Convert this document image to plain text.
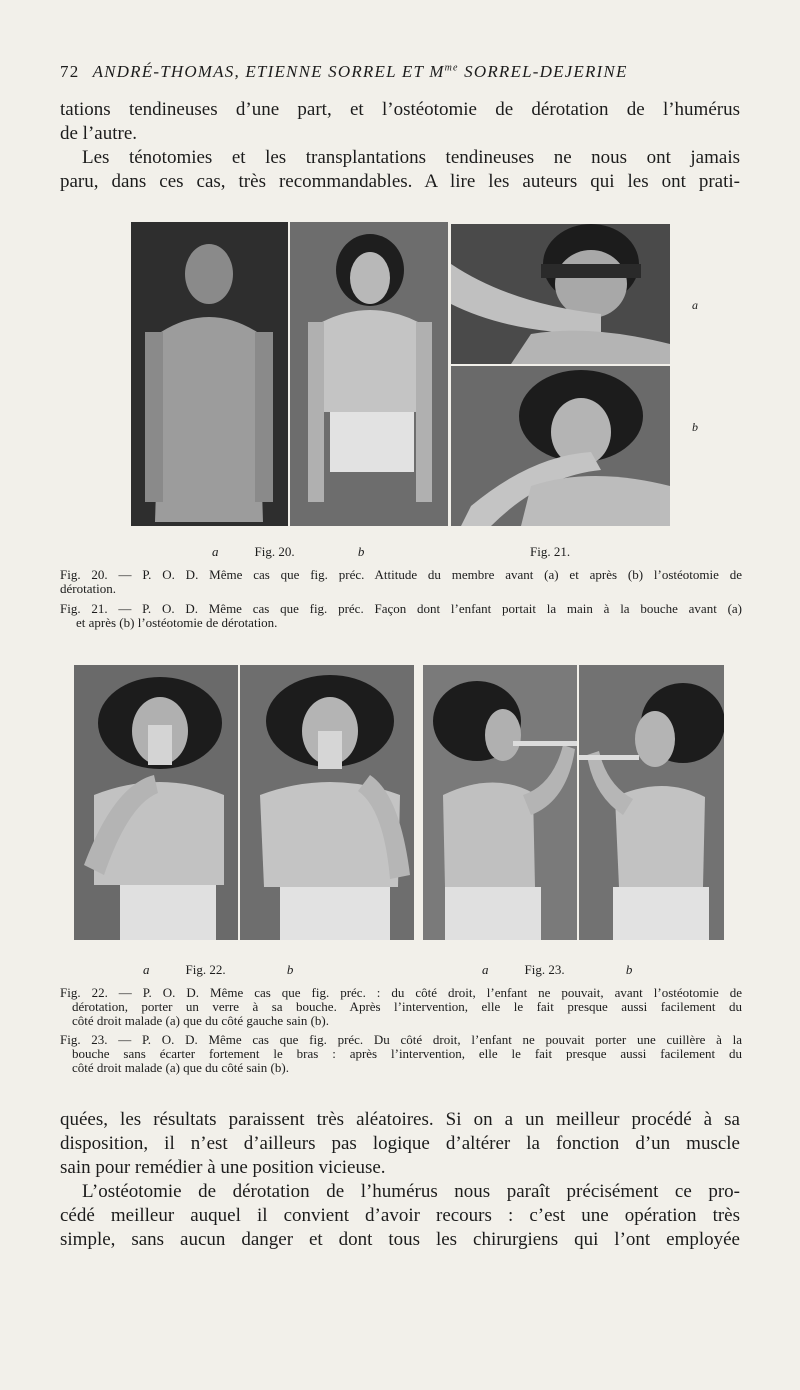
72 ANDRÉ-THOMAS, ETIENNE SORREL ET $M^{me}$ SORREL-DEJERINE
tations tendineuses d’une part, et l’ostéotomie de dérotation de l’humérus
de l’autre.
Les ténotomies et les transplantations tendineuses ne nous ont jamais
paru, dans ces cas, très recommandables. A lire les auteurs qui les ont prati-
a
b
a	Fig. 20.	b	Fig. 21.
Fig. 20. — P. O. D. Même cas que fig. préc. Attitude du membre avant (a) et après (b) l’ostéotomie de
dérotation.
Fig. 21. — P. O. D. Même cas que fig. préc. Façon dont l’enfant portait la main à la bouche avant (a)
et après (b) l’ostéotomie de dérotation.
a	Fig. 22.	b	a	Fig. 23.	b
Fig. 22. — P. O. D. Même cas que fig. préc. : du côté droit, l’enfant ne pouvait, avant l’ostéotomie de
dérotation, porter un verre à sa bouche. Après l’intervention, elle le fait presque aussi facilement du
côté droit malade (a) que du côté gauche sain (b).
Fig. 23. — P. O. D. Même cas que fig. préc. Du côté droit, l’enfant ne pouvait porter une cuillère à la
bouche sans écarter fortement le bras : après l’intervention, elle le fait presque aussi facilement du
côté droit malade (a) que du côté sain (b).
quées, les résultats paraissent très aléatoires. Si on a un meilleur procédé à sa
disposition, il n’est d’ailleurs pas logique d’altérer la fonction d’un muscle
sain pour remédier à une position vicieuse.
L’ostéotomie de dérotation de l’humérus nous paraît précisément ce pro-
cédé meilleur auquel il convient d’avoir recours : c’est une opération très
simple, sans aucun danger et dont tous les chirurgiens qui l’ont employée
